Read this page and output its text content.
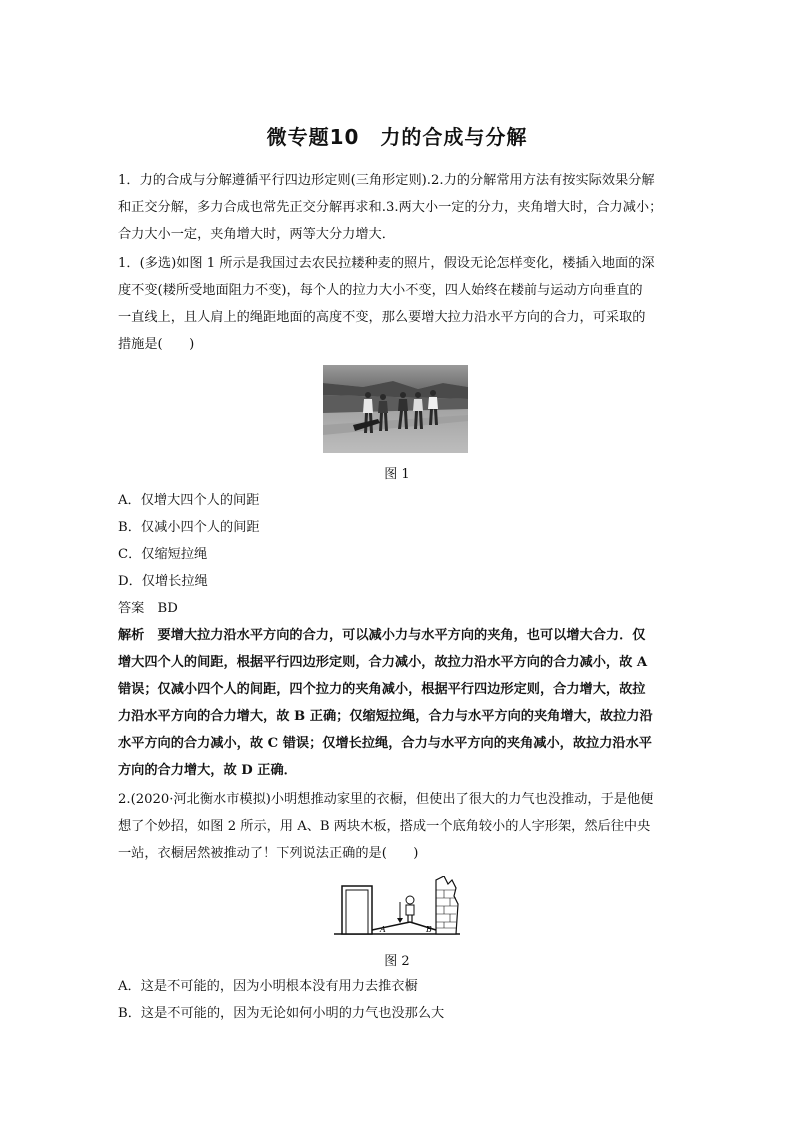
微专题10　力的合成与分解
1．力的合成与分解遵循平行四边形定则(三角形定则).2.力的分解常用方法有按实际效果分解
和正交分解，多力合成也常先正交分解再求和.3.两大小一定的分力，夹角增大时，合力减小；
合力大小一定，夹角增大时，两等大分力增大．
1．(多选)如图 1 所示是我国过去农民拉耧种麦的照片，假设无论怎样变化，楼插入地面的深
度不变(耧所受地面阻力不变)，每个人的拉力大小不变，四人始终在耧前与运动方向垂直的
一直线上，且人肩上的绳距地面的高度不变，那么要增大拉力沿水平方向的合力，可采取的
措施是(　　)
图 1
A．仅增大四个人的间距
B．仅减小四个人的间距
C．仅缩短拉绳
D．仅增长拉绳
答案　BD
解析　要增大拉力沿水平方向的合力，可以减小力与水平方向的夹角，也可以增大合力．仅
增大四个人的间距，根据平行四边形定则，合力减小，故拉力沿水平方向的合力减小，故 A
错误；仅减小四个人的间距，四个拉力的夹角减小，根据平行四边形定则，合力增大，故拉
力沿水平方向的合力增大，故 B 正确；仅缩短拉绳，合力与水平方向的夹角增大，故拉力沿
水平方向的合力减小，故 C 错误；仅增长拉绳，合力与水平方向的夹角减小，故拉力沿水平
方向的合力增大，故 D 正确．
2.(2020·河北衡水市模拟)小明想推动家里的衣橱，但使出了很大的力气也没推动，于是他便
想了个妙招，如图 2 所示，用 A、B 两块木板，搭成一个底角较小的人字形架，然后往中央
一站，衣橱居然被推动了！下列说法正确的是(　　)
A	B
图 2
A．这是不可能的，因为小明根本没有用力去推衣橱
B．这是不可能的，因为无论如何小明的力气也没那么大
